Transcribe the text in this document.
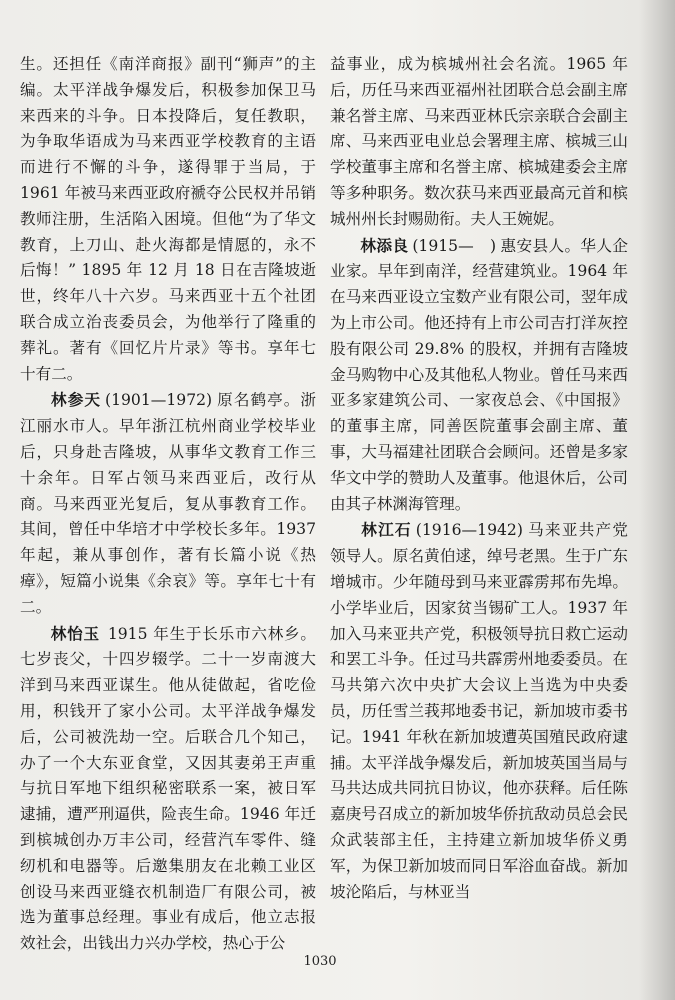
生。还担任《南洋商报》副刊“狮声”的主编。太平洋战争爆发后，积极参加保卫马来西来的斗争。日本投降后，复任教职，为争取华语成为马来西亚学校教育的主语而进行不懈的斗争，遂得罪于当局，于 1961 年被马来西亚政府褫夺公民权并吊销教师注册，生活陷入困境。但他“为了华文教育，上刀山、赴火海都是情愿的，永不后悔！” 1895 年 12 月 18 日在吉隆坡逝世，终年八十六岁。马来西亚十五个社团联合成立治丧委员会，为他举行了隆重的葬礼。著有《回忆片片录》等书。享年七十有二。

林参天 (1901—1972) 原名鹤亭。浙江丽水市人。早年浙江杭州商业学校毕业后，只身赴吉隆坡，从事华文教育工作三十余年。日军占领马来西亚后，改行从商。马来西亚光复后，复从事教育工作。其间，曾任中华培才中学校长多年。1937 年起，兼从事创作，著有长篇小说《热瘴》，短篇小说集《余哀》等。享年七十有二。

林怡玉 1915 年生于长乐市六林乡。七岁丧父，十四岁辍学。二十一岁南渡大洋到马来西亚谋生。他从徒做起，省吃俭用，积钱开了家小公司。太平洋战争爆发后，公司被洗劫一空。后联合几个知己，办了一个大东亚食堂，又因其妻弟王声重与抗日军地下组织秘密联系一案，被日军逮捕，遭严刑逼供，险丧生命。1946 年迁到槟城创办万丰公司，经营汽车零件、缝纫机和电器等。后邀集朋友在北赖工业区创设马来西亚缝衣机制造厂有限公司，被选为董事总经理。事业有成后，他立志报效社会，出钱出力兴办学校，热心于公

益事业，成为槟城州社会名流。1965 年后，历任马来西亚福州社团联合总会副主席兼名誉主席、马来西亚林氏宗亲联合会副主席、马来西亚电业总会署理主席、槟城三山学校董事主席和名誉主席、槟城建委会主席等多种职务。数次获马来西亚最高元首和槟城州州长封赐勋衔。夫人王婉妮。

林添良 (1915—　) 惠安县人。华人企业家。早年到南洋，经营建筑业。1964 年在马来西亚设立宝数产业有限公司，翌年成为上市公司。他还持有上市公司吉打洋灰控股有限公司 29.8% 的股权，并拥有吉隆坡金马购物中心及其他私人物业。曾任马来西亚多家建筑公司、一家夜总会、《中国报》的董事主席，同善医院董事会副主席、董事，大马福建社团联合会顾问。还曾是多家华文中学的赞助人及董事。他退休后，公司由其子林渊海管理。

林江石 (1916—1942) 马来亚共产党领导人。原名黄伯逑，绰号老黑。生于广东增城市。少年随母到马来亚霹雳邦布先埠。小学毕业后，因家贫当锡矿工人。1937 年加入马来亚共产党，积极领导抗日救亡运动和罢工斗争。任过马共霹雳州地委委员。在马共第六次中央扩大会议上当选为中央委员，历任雪兰莪邦地委书记，新加坡市委书记。1941 年秋在新加坡遭英国殖民政府逮捕。太平洋战争爆发后，新加坡英国当局与马共达成共同抗日协议，他亦获释。后任陈嘉庚号召成立的新加坡华侨抗敌动员总会民众武装部主任，主持建立新加坡华侨义勇军，为保卫新加坡而同日军浴血奋战。新加坡沦陷后，与林亚当

1030
